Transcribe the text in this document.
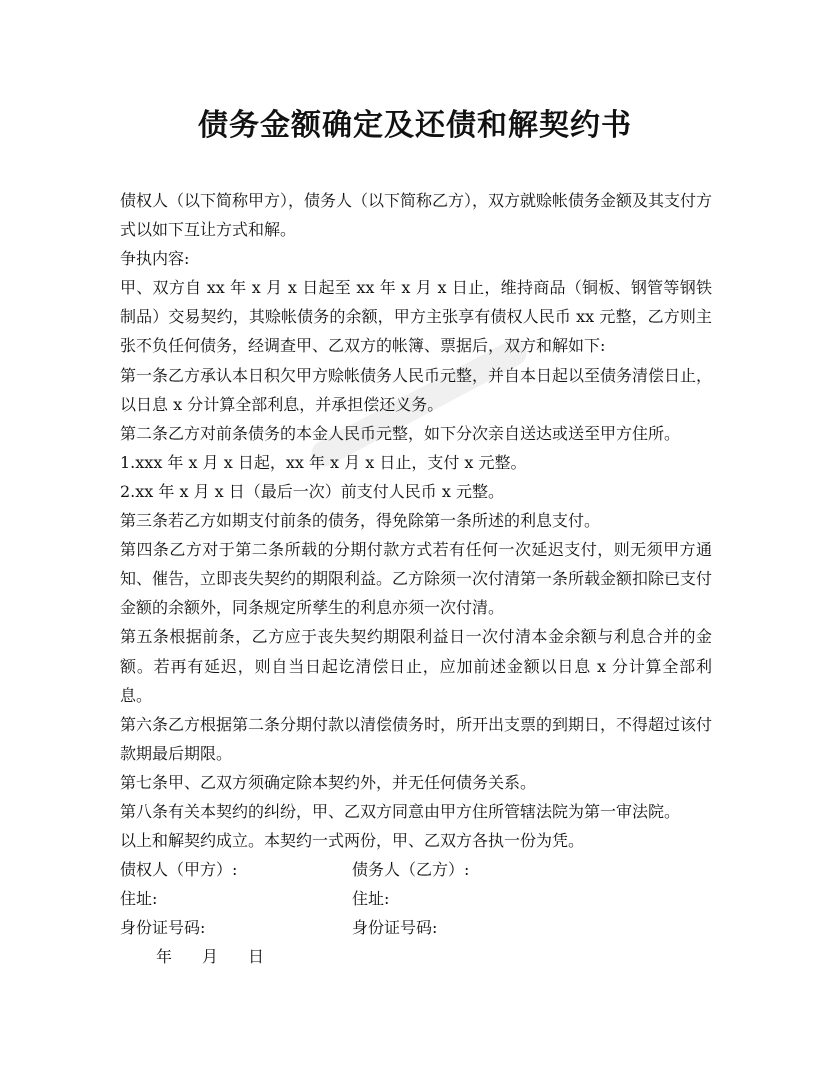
债务金额确定及还债和解契约书

债权人（以下简称甲方），债务人（以下简称乙方），双方就赊帐债务金额及其支付方式以如下互让方式和解。

争执内容:

甲、双方自 xx 年 x 月 x 日起至 xx 年 x 月 x 日止，维持商品（铜板、钢管等钢铁制品）交易契约，其赊帐债务的余额，甲方主张享有债权人民币 xx 元整，乙方则主张不负任何债务，经调查甲、乙双方的帐簿、票据后，双方和解如下:

第一条乙方承认本日积欠甲方赊帐债务人民币元整，并自本日起以至债务清偿日止，以日息 x 分计算全部利息，并承担偿还义务。

第二条乙方对前条债务的本金人民币元整，如下分次亲自送达或送至甲方住所。

1.xxx 年 x 月 x 日起，xx 年 x 月 x 日止，支付 x 元整。

2.xx 年 x 月 x 日（最后一次）前支付人民币 x 元整。

第三条若乙方如期支付前条的债务，得免除第一条所述的利息支付。

第四条乙方对于第二条所载的分期付款方式若有任何一次延迟支付，则无须甲方通知、催告，立即丧失契约的期限利益。乙方除须一次付清第一条所载金额扣除已支付金额的余额外，同条规定所孳生的利息亦须一次付清。

第五条根据前条，乙方应于丧失契约期限利益日一次付清本金余额与利息合并的金额。若再有延迟，则自当日起讫清偿日止，应加前述金额以日息 x 分计算全部利息。

第六条乙方根据第二条分期付款以清偿债务时，所开出支票的到期日，不得超过该付款期最后期限。

第七条甲、乙双方须确定除本契约外，并无任何债务关系。

第八条有关本契约的纠纷，甲、乙双方同意由甲方住所管辖法院为第一审法院。

以上和解契约成立。本契约一式两份，甲、乙双方各执一份为凭。

债权人（甲方）:	债务人（乙方）:
住址:	住址:
身份证号码:	身份证号码:
年 月 日
